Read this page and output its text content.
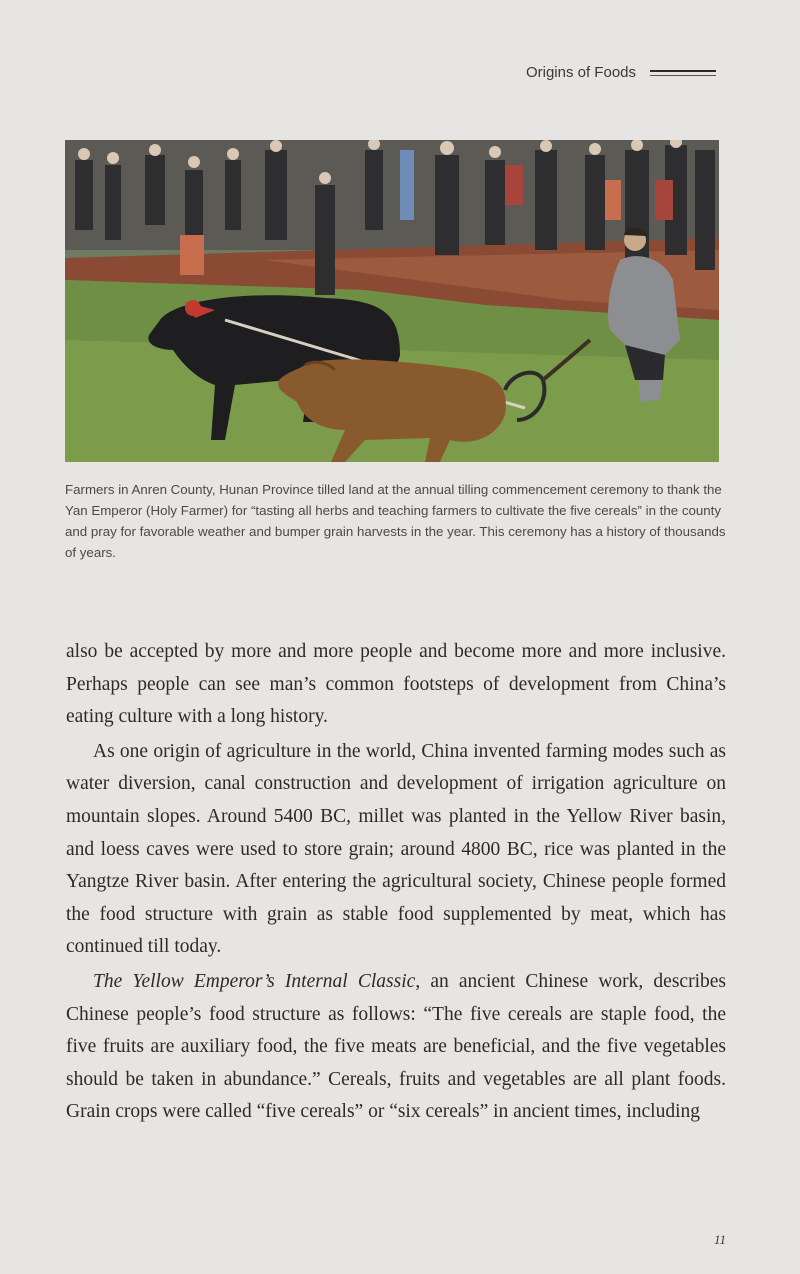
Origins of Foods
Farmers in Anren County, Hunan Province tilled land at the annual tilling commencement ceremony to thank the Yan Emperor (Holy Farmer) for “tasting all herbs and teaching farmers to cultivate the five cereals” in the county and pray for favorable weather and bumper grain harvests in the year. This ceremony has a history of thousands of years.

also be accepted by more and more people and become more and more inclusive. Perhaps people can see man’s common footsteps of development from China’s eating culture with a long history.

As one origin of agriculture in the world, China invented farming modes such as water diversion, canal construction and development of irrigation agriculture on mountain slopes. Around 5400 BC, millet was planted in the Yellow River basin, and loess caves were used to store grain; around 4800 BC, rice was planted in the Yangtze River basin. After entering the agricultural society, Chinese people formed the food structure with grain as stable food supplemented by meat, which has continued till today.

The Yellow Emperor’s Internal Classic, an ancient Chinese work, describes Chinese people’s food structure as follows: “The five cereals are staple food, the five fruits are auxiliary food, the five meats are beneficial, and the five vegetables should be taken in abundance.” Cereals, fruits and vegetables are all plant foods. Grain crops were called “five cereals” or “six cereals” in ancient times, including

11
